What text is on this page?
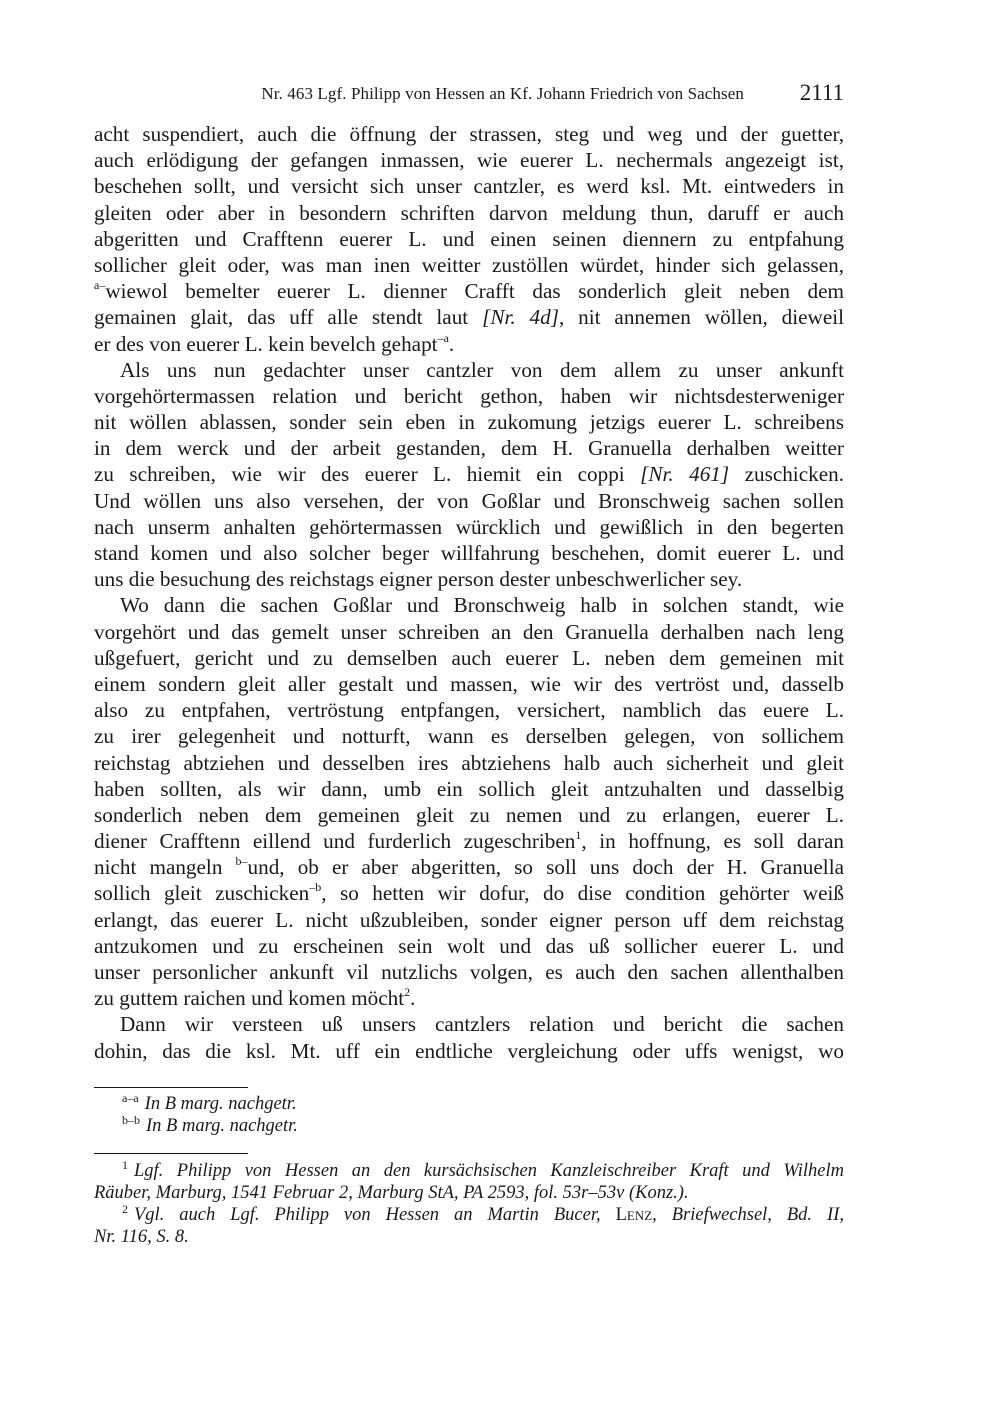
Nr. 463 Lgf. Philipp von Hessen an Kf. Johann Friedrich von Sachsen 2111
acht suspendiert, auch die öffnung der strassen, steg und weg und der guetter,
auch erlödigung der gefangen inmassen, wie euerer L. nechermals angezeigt ist,
beschehen sollt, und versicht sich unser cantzler, es werd ksl. Mt. eintweders in
gleiten oder aber in besondern schriften darvon meldung thun, daruff er auch
abgeritten und Crafftenn euerer L. und einen seinen diennern zu entpfahung
sollicher gleit oder, was man inen weitter zustöllen würdet, hinder sich gelassen,
$^{a-}$wiewol bemelter euerer L. dienner Crafft das sonderlich gleit neben dem
gemainen glait, das uff alle stendt laut [Nr. 4d], nit annemen wöllen, dieweil
er des von euerer L. kein bevelch gehapt$^{-a}$.
Als uns nun gedachter unser cantzler von dem allem zu unser ankunft
vorgehörtermassen relation und bericht gethon, haben wir nichtsdesterweniger
nit wöllen ablassen, sonder sein eben in zukomung jetzigs euerer L. schreibens
in dem werck und der arbeit gestanden, dem H. Granuella derhalben weitter
zu schreiben, wie wir des euerer L. hiemit ein coppi [Nr. 461] zuschicken.
Und wöllen uns also versehen, der von Goßlar und Bronschweig sachen sollen
nach unserm anhalten gehörtermassen würcklich und gewißlich in den begerten
stand komen und also solcher beger willfahrung beschehen, domit euerer L. und
uns die besuchung des reichstags eigner person dester unbeschwerlicher sey.
Wo dann die sachen Goßlar und Bronschweig halb in solchen standt, wie
vorgehört und das gemelt unser schreiben an den Granuella derhalben nach leng
ußgefuert, gericht und zu demselben auch euerer L. neben dem gemeinen mit
einem sondern gleit aller gestalt und massen, wie wir des vertröst und, dasselb
also zu entpfahen, vertröstung entpfangen, versichert, namblich das euere L.
zu irer gelegenheit und notturft, wann es derselben gelegen, von sollichem
reichstag abtziehen und desselben ires abtziehens halb auch sicherheit und gleit
haben sollten, als wir dann, umb ein sollich gleit antzuhalten und dasselbig
sonderlich neben dem gemeinen gleit zu nemen und zu erlangen, euerer L.
diener Crafftenn eillend und furderlich zugeschriben$^1$, in hoffnung, es soll daran
nicht mangeln $^{b-}$und, ob er aber abgeritten, so soll uns doch der H. Granuella
sollich gleit zuschicken$^{-b}$, so hetten wir dofur, do dise condition gehörter weiß
erlangt, das euerer L. nicht ußzubleiben, sonder eigner person uff dem reichstag
antzukomen und zu erscheinen sein wolt und das uß sollicher euerer L. und
unser personlicher ankunft vil nutzlichs volgen, es auch den sachen allenthalben
zu guttem raichen und komen möcht$^2$.
Dann wir versteen uß unsers cantzlers relation und bericht die sachen
dohin, das die ksl. Mt. uff ein endtliche vergleichung oder uffs wenigst, wo
$^{a-a}$ In B marg. nachgetr.
$^{b-b}$ In B marg. nachgetr.
$^1$ Lgf. Philipp von Hessen an den kursächsischen Kanzleischreiber Kraft und Wilhelm
Räuber, Marburg, 1541 Februar 2, Marburg StA, PA 2593, fol. 53r–53v (Konz.).
$^2$ Vgl. auch Lgf. Philipp von Hessen an Martin Bucer, Lenz, Briefwechsel, Bd. II,
Nr. 116, S. 8.
